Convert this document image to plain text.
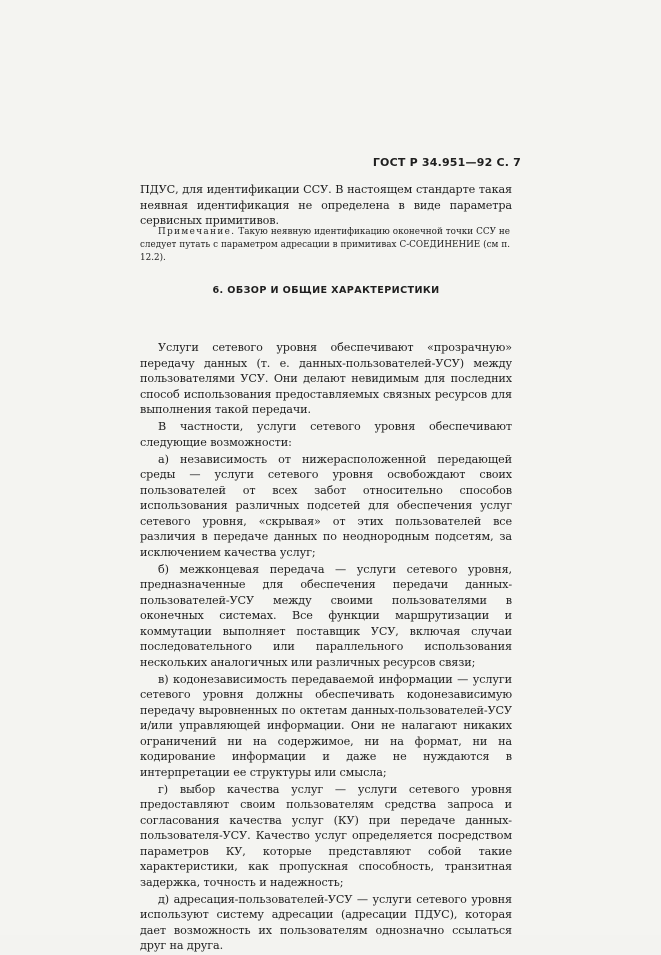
ГОСТ Р 34.951—92 С. 7

ПДУС, для идентификации ССУ. В настоящем стандарте такая неявная идентификация не определена в виде параметра сервисных примитивов.

Примечание. Такую неявную идентификацию оконечной точки ССУ не следует путать с параметром адресации в примитивах С-СОЕДИНЕНИЕ (см п. 12.2).
6. ОБЗОР И ОБЩИЕ ХАРАКТЕРИСТИКИ

Услуги сетевого уровня обеспечивают «прозрачную» передачу данных (т. е. данных-пользователей-УСУ) между пользователями УСУ. Они делают невидимым для последних способ использования предоставляемых связных ресурсов для выполнения такой передачи.

В частности, услуги сетевого уровня обеспечивают следующие возможности:

а) независимость от нижерасположенной передающей среды — услуги сетевого уровня освобождают своих пользователей от всех забот относительно способов использования различных подсетей для обеспечения услуг сетевого уровня, «скрывая» от этих пользователей все различия в передаче данных по неоднородным подсетям, за исключением качества услуг;

б) межконцевая передача — услуги сетевого уровня, предназначенные для обеспечения передачи данных-пользователей-УСУ между своими пользователями в оконечных системах. Все функции маршрутизации и коммутации выполняет поставщик УСУ, включая случаи последовательного или параллельного использования нескольких аналогичных или различных ресурсов связи;

в) кодонезависимость передаваемой информации — услуги сетевого уровня должны обеспечивать кодонезависимую передачу выровненных по октетам данных-пользователей-УСУ и/или управляющей информации. Они не налагают никаких ограничений ни на содержимое, ни на формат, ни на кодирование информации и даже не нуждаются в интерпретации ее структуры или смысла;

г) выбор качества услуг — услуги сетевого уровня предоставляют своим пользователям средства запроса и согласования качества услуг (КУ) при передаче данных-пользователя-УСУ. Качество услуг определяется посредством параметров КУ, которые представляют собой такие характеристики, как пропускная способность, транзитная задержка, точность и надежность;

д) адресация-пользователей-УСУ — услуги сетевого уровня используют систему адресации (адресации ПДУС), которая дает возможность их пользователям однозначно ссылаться друг на друга.
